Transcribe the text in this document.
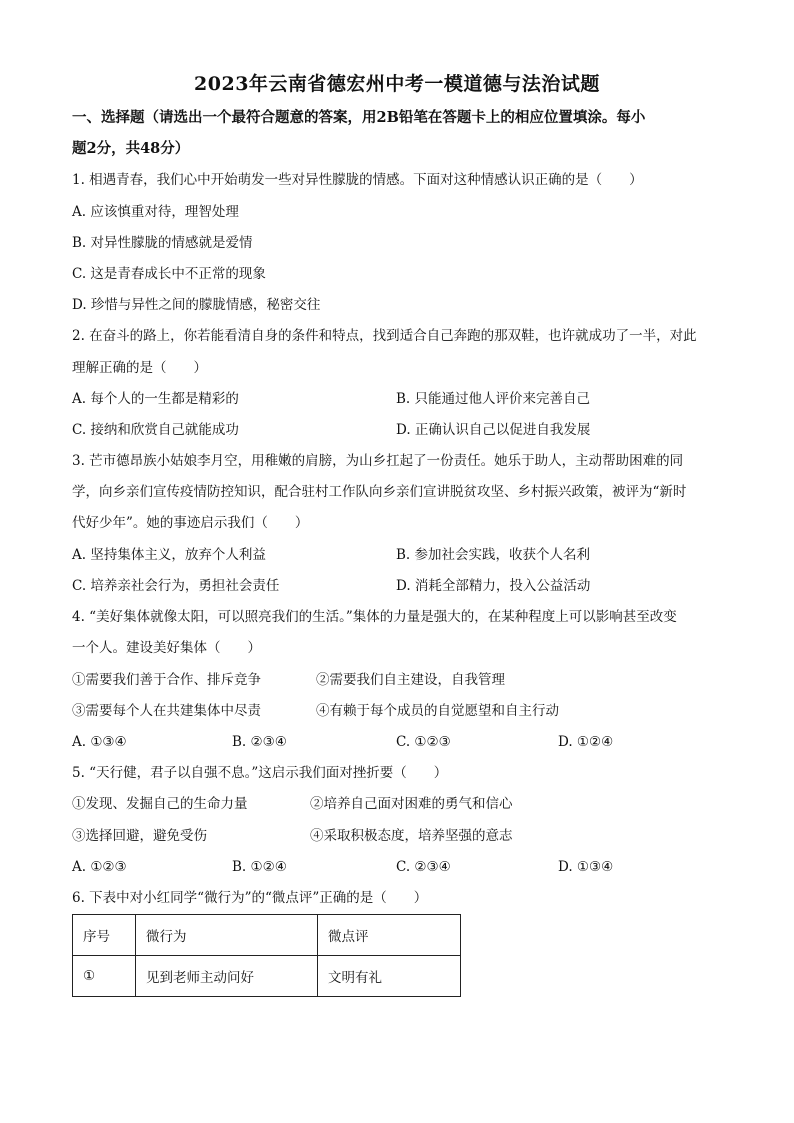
2023年云南省德宏州中考一模道德与法治试题
一、选择题（请选出一个最符合题意的答案，用2B铅笔在答题卡上的相应位置填涂。每小
题2分，共48分）
1. 相遇青春，我们心中开始萌发一些对异性朦胧的情感。下面对这种情感认识正确的是（　　）
A. 应该慎重对待，理智处理
B. 对异性朦胧的情感就是爱情
C. 这是青春成长中不正常的现象
D. 珍惜与异性之间的朦胧情感，秘密交往
2. 在奋斗的路上，你若能看清自身的条件和特点，找到适合自己奔跑的那双鞋，也许就成功了一半，对此
理解正确的是（　　）
A. 每个人的一生都是精彩的	B. 只能通过他人评价来完善自己
C. 接纳和欣赏自己就能成功	D. 正确认识自己以促进自我发展
3. 芒市德昂族小姑娘李月空，用稚嫩的肩膀，为山乡扛起了一份责任。她乐于助人，主动帮助困难的同
学，向乡亲们宣传疫情防控知识，配合驻村工作队向乡亲们宣讲脱贫攻坚、乡村振兴政策，被评为“新时
代好少年”。她的事迹启示我们（　　）
A. 坚持集体主义，放弃个人利益	B. 参加社会实践，收获个人名利
C. 培养亲社会行为，勇担社会责任	D. 消耗全部精力，投入公益活动
4. “美好集体就像太阳，可以照亮我们的生活。”集体的力量是强大的，在某种程度上可以影响甚至改变
一个人。建设美好集体（　　）
①需要我们善于合作、排斥竞争	②需要我们自主建设，自我管理
③需要每个人在共建集体中尽责	④有赖于每个成员的自觉愿望和自主行动
A. ①③④	B. ②③④	C. ①②③	D. ①②④
5. “天行健，君子以自强不息。”这启示我们面对挫折要（　　）
①发现、发掘自己的生命力量	②培养自己面对困难的勇气和信心
③选择回避，避免受伤	④采取积极态度，培养坚强的意志
A. ①②③	B. ①②④	C. ②③④	D. ①③④
6. 下表中对小红同学“微行为”的“微点评”正确的是（　　）
序号	微行为	微点评
①	见到老师主动问好	文明有礼
